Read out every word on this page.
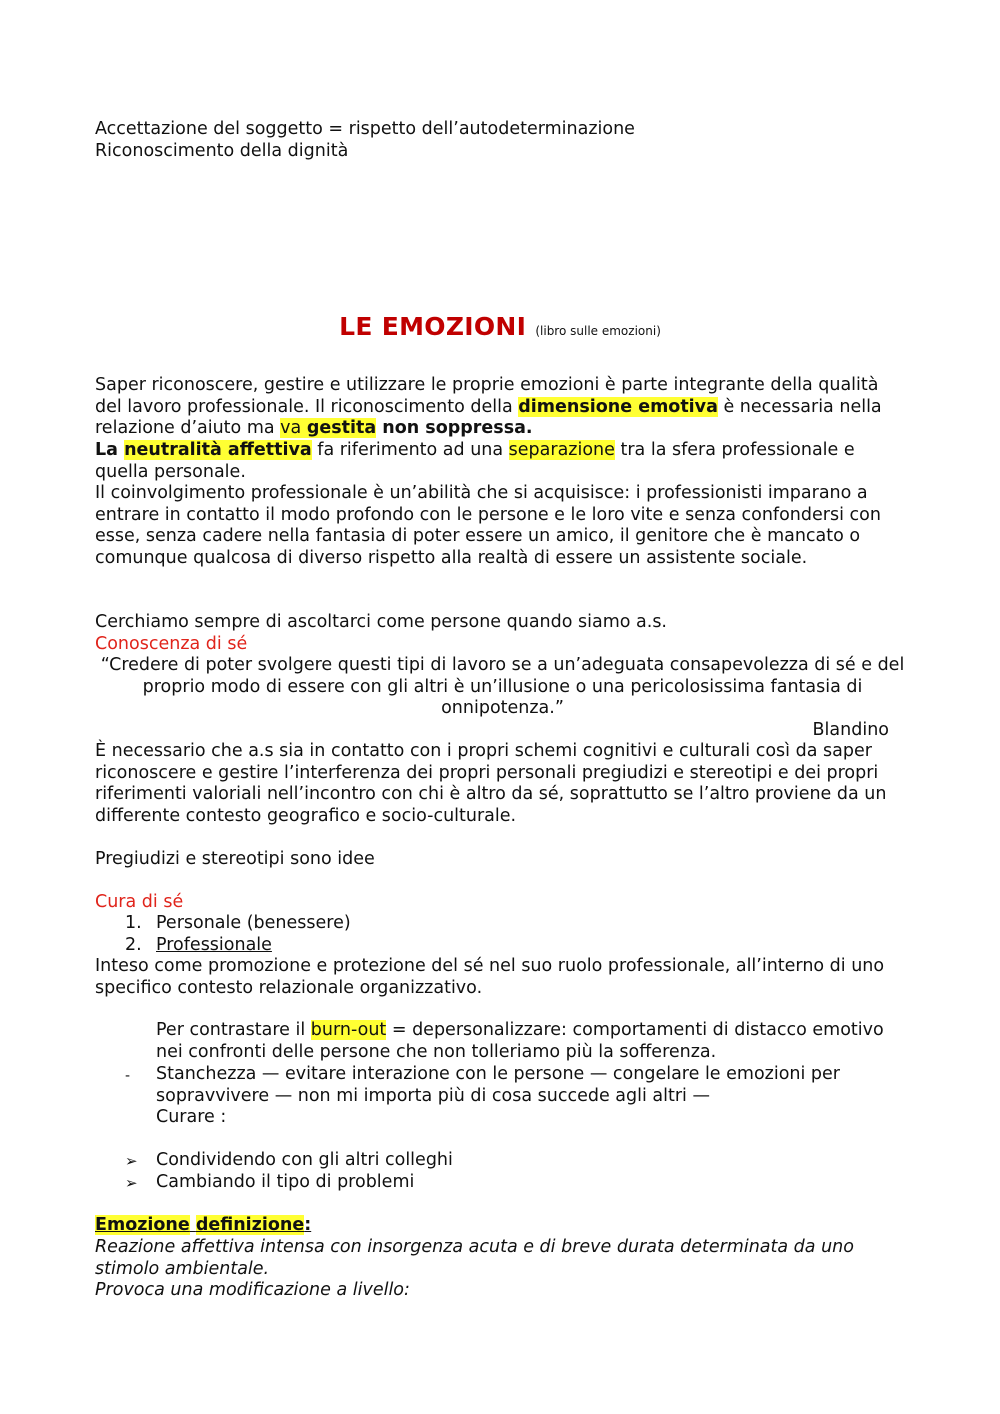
Accettazione del soggetto = rispetto dell’autodeterminazione
Riconoscimento della dignità
LE EMOZIONI (libro sulle emozioni)
Saper riconoscere, gestire e utilizzare le proprie emozioni è parte integrante della qualità del lavoro professionale. Il riconoscimento della dimensione emotiva è necessaria nella relazione d’aiuto ma va gestita non soppressa.
La neutralità affettiva fa riferimento ad una separazione tra la sfera professionale e quella personale.
Il coinvolgimento professionale è un’abilità che si acquisisce: i professionisti imparano a entrare in contatto il modo profondo con le persone e le loro vite e senza confondersi con esse, senza cadere nella fantasia di poter essere un amico, il genitore che è mancato o comunque qualcosa di diverso rispetto alla realtà di essere un assistente sociale.
Cerchiamo sempre di ascoltarci come persone quando siamo a.s.
Conoscenza di sé
“Credere di poter svolgere questi tipi di lavoro se a un’adeguata consapevolezza di sé e del proprio modo di essere con gli altri è un’illusione o una pericolosissima fantasia di onnipotenza.”
Blandino
È necessario che a.s sia in contatto con i propri schemi cognitivi e culturali così da saper riconoscere e gestire l’interferenza dei propri personali pregiudizi e stereotipi e dei propri riferimenti valoriali nell’incontro con chi è altro da sé, soprattutto se l’altro proviene da un differente contesto geografico e socio-culturale.
Pregiudizi e stereotipi sono idee
Cura di sé
1. Personale (benessere)
2. Professionale
Inteso come promozione e protezione del sé nel suo ruolo professionale, all’interno di uno specifico contesto relazionale organizzativo.
Per contrastare il burn-out = depersonalizzare: comportamenti di distacco emotivo nei confronti delle persone che non tolleriamo più la sofferenza.
- Stanchezza — evitare interazione con le persone — congelare le emozioni per sopravvivere — non mi importa più di cosa succede agli altri —
Curare :
➢ Condividendo con gli altri colleghi
➢ Cambiando il tipo di problemi
Emozione definizione:
Reazione affettiva intensa con insorgenza acuta e di breve durata determinata da uno stimolo ambientale.
Provoca una modificazione a livello:
